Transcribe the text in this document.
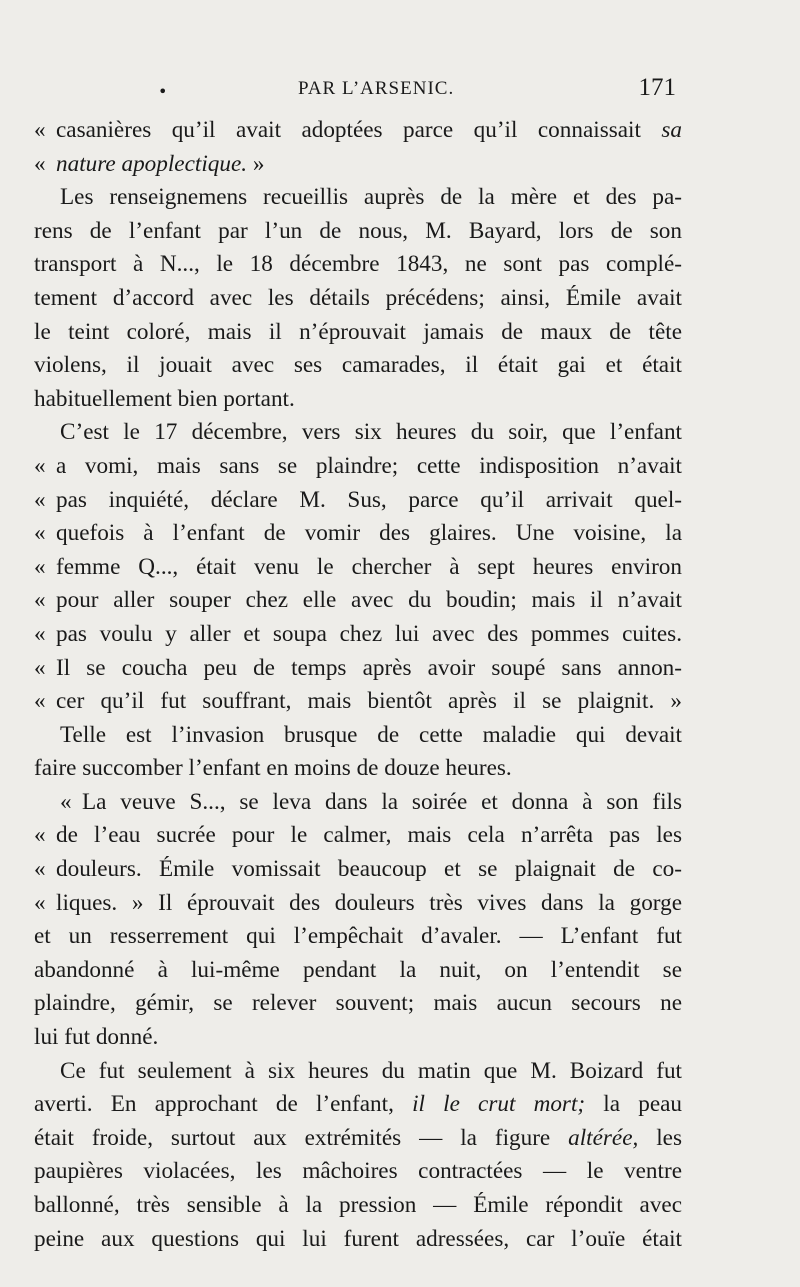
•	PAR L’ARSENIC.	171
« casanières qu’il avait adoptées parce qu’il connaissait sa
« nature apoplectique. »
Les renseignemens recueillis auprès de la mère et des pa-
rens de l’enfant par l’un de nous, M. Bayard, lors de son
transport à N..., le 18 décembre 1843, ne sont pas complé-
tement d’accord avec les détails précédens; ainsi, Émile avait
le teint coloré, mais il n’éprouvait jamais de maux de tête
violens, il jouait avec ses camarades, il était gai et était
habituellement bien portant.
C’est le 17 décembre, vers six heures du soir, que l’enfant
« a vomi, mais sans se plaindre; cette indisposition n’avait
« pas inquiété, déclare M. Sus, parce qu’il arrivait quel-
« quefois à l’enfant de vomir des glaires. Une voisine, la
« femme Q..., était venu le chercher à sept heures environ
« pour aller souper chez elle avec du boudin; mais il n’avait
« pas voulu y aller et soupa chez lui avec des pommes cuites.
« Il se coucha peu de temps après avoir soupé sans annon-
« cer qu’il fut souffrant, mais bientôt après il se plaignit. »
Telle est l’invasion brusque de cette maladie qui devait
faire succomber l’enfant en moins de douze heures.
« La veuve S..., se leva dans la soirée et donna à son fils
« de l’eau sucrée pour le calmer, mais cela n’arrêta pas les
« douleurs. Émile vomissait beaucoup et se plaignait de co-
« liques. » Il éprouvait des douleurs très vives dans la gorge
et un resserrement qui l’empêchait d’avaler. — L’enfant fut
abandonné à lui-même pendant la nuit, on l’entendit se
plaindre, gémir, se relever souvent; mais aucun secours ne
lui fut donné.
Ce fut seulement à six heures du matin que M. Boizard fut
averti. En approchant de l’enfant, il le crut mort; la peau
était froide, surtout aux extrémités — la figure altérée, les
paupières violacées, les mâchoires contractées — le ventre
ballonné, très sensible à la pression — Émile répondit avec
peine aux questions qui lui furent adressées, car l’ouïe était
